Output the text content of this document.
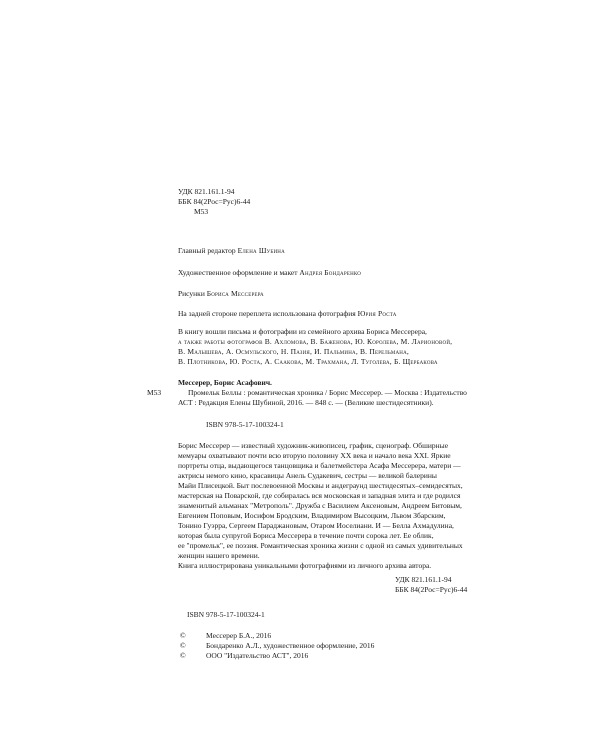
УДК 821.161.1-94
ББК 84(2Рос=Рус)6-44
М53
Главный редактор Елена Шубина
Художественное оформление и макет Андрея Бондаренко
Рисунки Бориса Мессерера
На задней стороне переплета использована фотография Юрия Роста
В книгу вошли письма и фотографии из семейного архива Бориса Мессерера,
а также работы фотографов В. Ахломова, В. Баженова, Ю. Королева, М. Ларионовой,
В. Малышева, А. Осмульского, Н. Пазия, И. Пальмина, В. Перельмана,
В. Плотникова, Ю. Роста, А. Саакова, М. Трахмана, Л. Туголева, Б. Щербакова
М53
Мессерер, Борис Асафович.
Промельк Беллы : романтическая хроника / Борис Мессерер. — Москва : Издательство
АСТ : Редакция Елены Шубиной, 2016. — 848 с. — (Великие шестидесятники).
ISBN 978-5-17-100324-1
Борис Мессерер — известный художник-живописец, график, сценограф. Обширные
мемуары охватывают почти всю вторую половину ХХ века и начало века XXI. Яркие
портреты отца, выдающегося танцовщика и балетмейстера Асафа Мессерера, матери —
актрисы немого кино, красавицы Анель Судакевич, сестры — великой балерины
Майи Плисецкой. Быт послевоенной Москвы и андеграунд шестидесятых–семидесятых,
мастерская на Поварской, где собиралась вся московская и западная элита и где родился
знаменитый альманах "Метрополь". Дружба с Василием Аксеновым, Андреем Битовым,
Евгением Поповым, Иосифом Бродским, Владимиром Высоцким, Львом Збарским,
Тонино Гуэрра, Сергеем Параджановым, Отаром Иоселиани. И — Белла Ахмадулина,
которая была супругой Бориса Мессерера в течение почти сорока лет. Ее облик,
ее "промельк", ее поэзия. Романтическая хроника жизни с одной из самых удивительных
женщин нашего времени.
Книга иллюстрирована уникальными фотографиями из личного архива автора.
УДК 821.161.1-94
ББК 84(2Рос=Рус)6-44
ISBN 978-5-17-100324-1
©	Мессерер Б.А., 2016
©	Бондаренко А.Л., художественное оформление, 2016
©	ООО "Издательство АСТ", 2016
